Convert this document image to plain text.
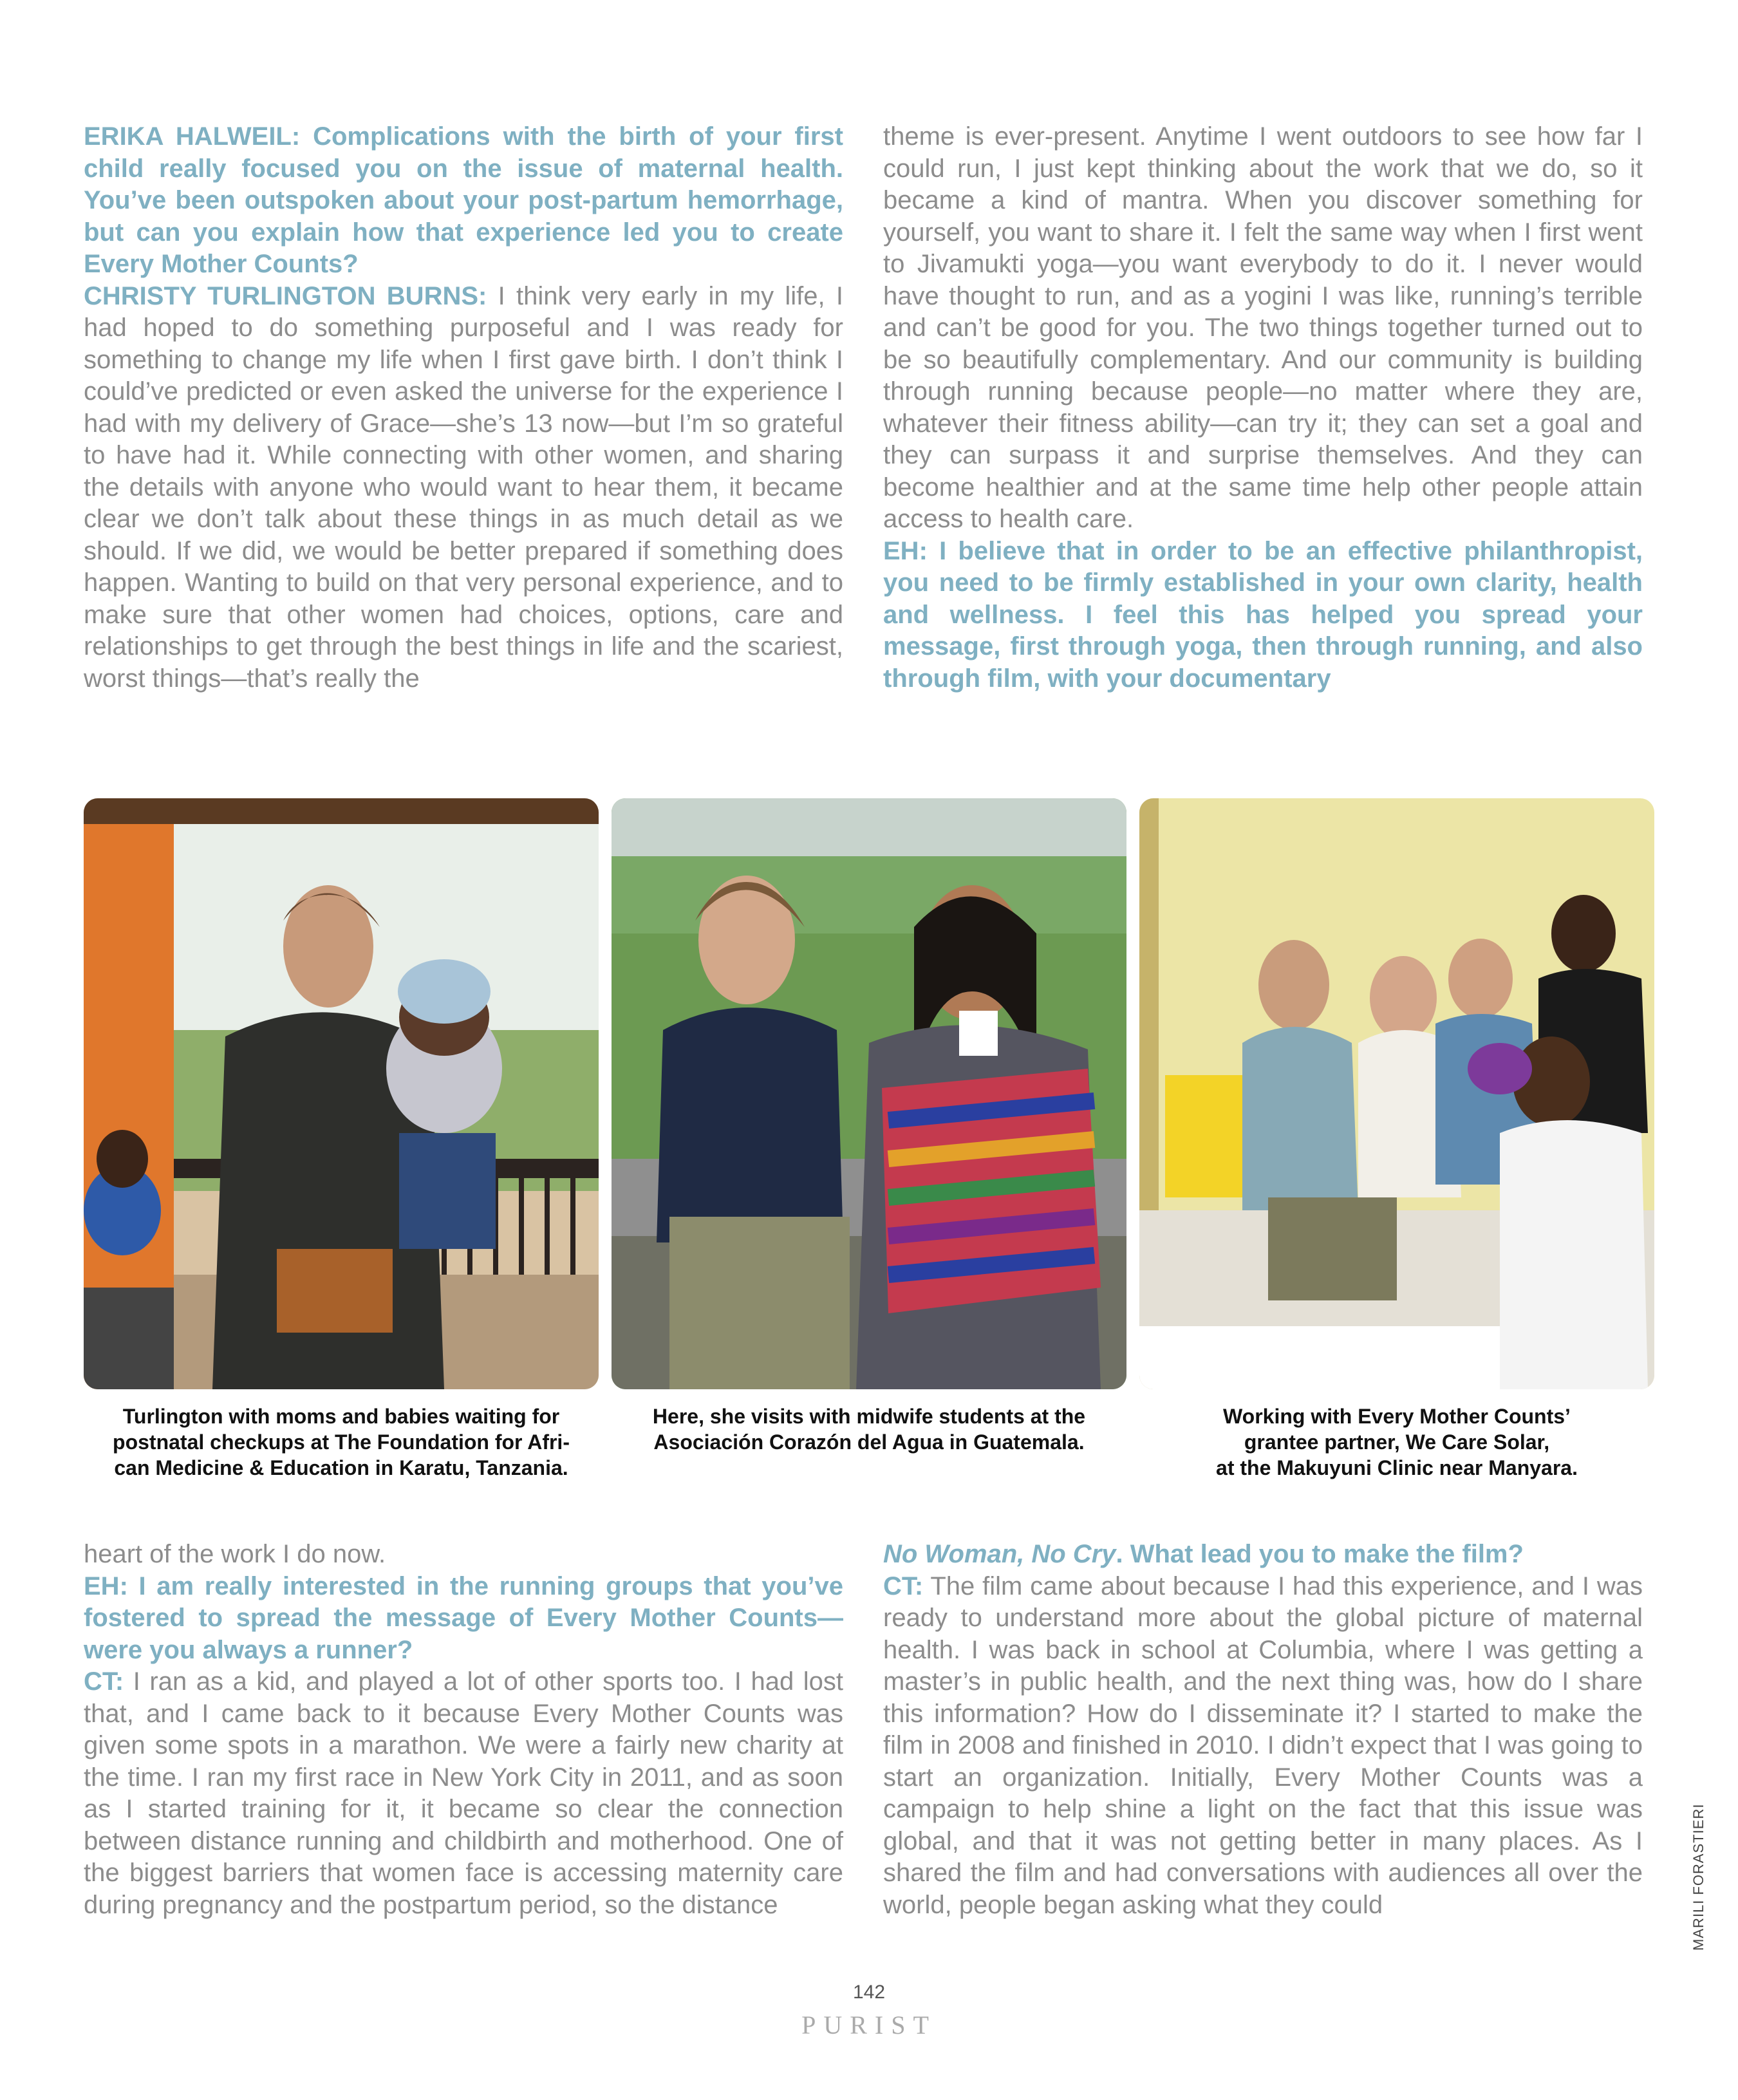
ERIKA HALWEIL: Complications with the birth of your first child really focused you on the issue of maternal health. You’ve been outspoken about your post-partum hemorrhage, but can you explain how that experience led you to create Every Mother Counts?

CHRISTY TURLINGTON BURNS: I think very early in my life, I had hoped to do something purposeful and I was ready for something to change my life when I first gave birth. I don’t think I could’ve predicted or even asked the universe for the experience I had with my delivery of Grace—she’s 13 now—but I’m so grateful to have had it. While connecting with other women, and sharing the details with anyone who would want to hear them, it became clear we don’t talk about these things in as much detail as we should. If we did, we would be better prepared if something does happen. Wanting to build on that very personal experience, and to make sure that other women had choices, options, care and relationships to get through the best things in life and the scariest, worst things—that’s really the

theme is ever-present. Anytime I went outdoors to see how far I could run, I just kept thinking about the work that we do, so it became a kind of mantra. When you discover something for yourself, you want to share it. I felt the same way when I first went to Jivamukti yoga—you want everybody to do it. I never would have thought to run, and as a yogini I was like, running’s terrible and can’t be good for you. The two things together turned out to be so beautifully complementary. And our community is building through running because people—no matter where they are, whatever their fitness ability—can try it; they can set a goal and they can surpass it and surprise themselves. And they can become healthier and at the same time help other people attain access to health care.

EH: I believe that in order to be an effective philanthropist, you need to be firmly established in your own clarity, health and wellness. I feel this has helped you spread your message, first through yoga, then through running, and also through film, with your documentary

Turlington with moms and babies waiting for
postnatal checkups at The Foundation for Afri-
can Medicine & Education in Karatu, Tanzania.
Here, she visits with midwife students at the
Asociación Corazón del Agua in Guatemala.
Working with Every Mother Counts’
grantee partner, We Care Solar,
at the Makuyuni Clinic near Manyara.

heart of the work I do now.

EH: I am really interested in the running groups that you’ve fostered to spread the message of Every Mother Counts—were you always a runner?

CT: I ran as a kid, and played a lot of other sports too. I had lost that, and I came back to it because Every Mother Counts was given some spots in a marathon. We were a fairly new charity at the time. I ran my first race in New York City in 2011, and as soon as I started training for it, it became so clear the connection between distance running and childbirth and motherhood. One of the biggest barriers that women face is accessing maternity care during pregnancy and the postpartum period, so the distance

No Woman, No Cry. What lead you to make the film?

CT: The film came about because I had this experience, and I was ready to understand more about the global picture of maternal health. I was back in school at Columbia, where I was getting a master’s in public health, and the next thing was, how do I share this information? How do I disseminate it? I started to make the film in 2008 and finished in 2010. I didn’t expect that I was going to start an organization. Initially, Every Mother Counts was a campaign to help shine a light on the fact that this issue was global, and that it was not getting better in many places. As I shared the film and had conversations with audiences all over the world, people began asking what they could	MARILI FORASTIERI
142
PURIST
